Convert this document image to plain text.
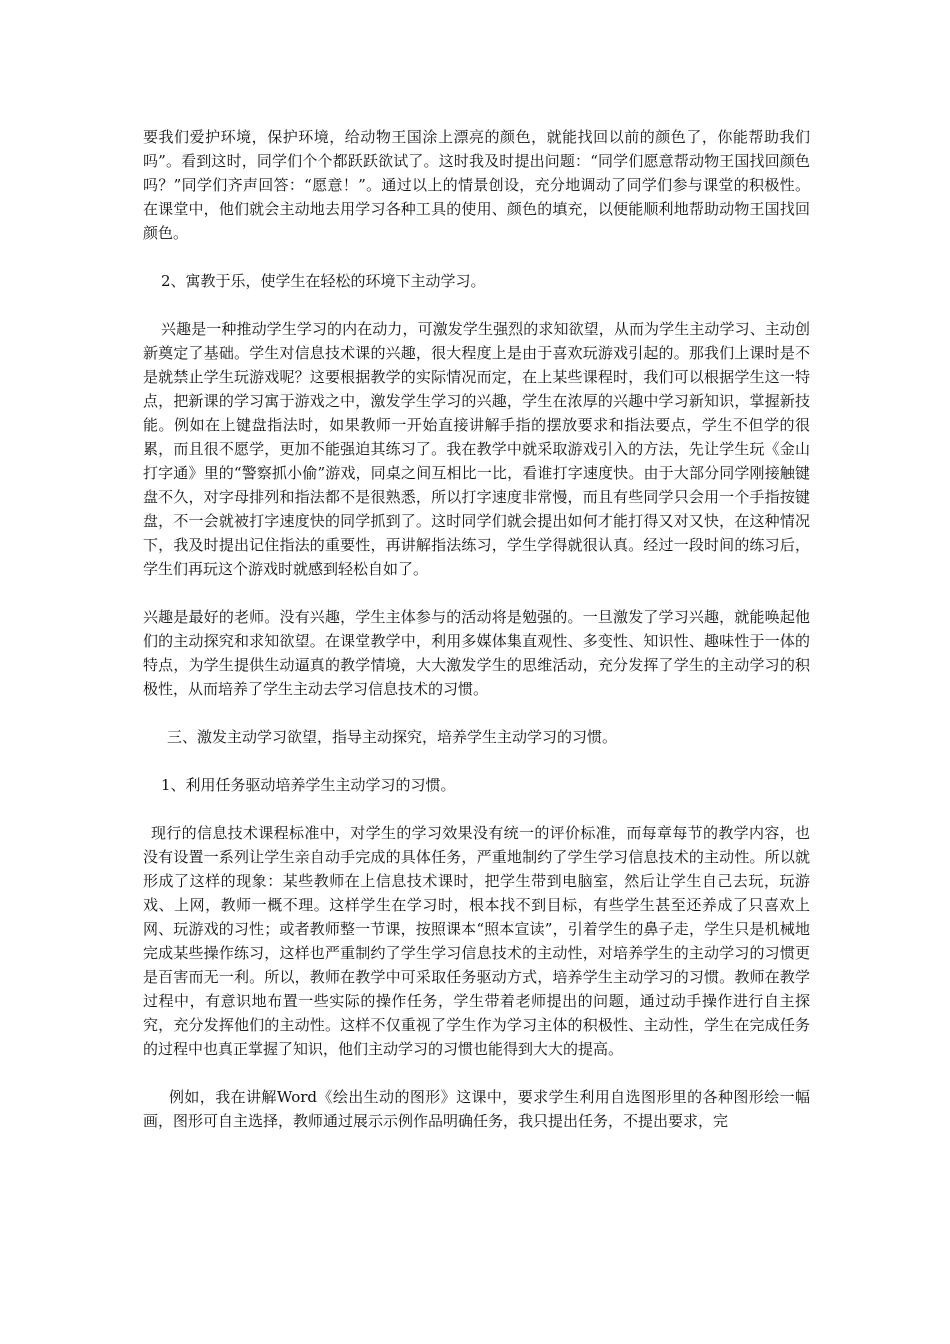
要我们爱护环境，保护环境，给动物王国涂上漂亮的颜色，就能找回以前的颜色了，你能帮助我们吗”。看到这时，同学们个个都跃跃欲试了。这时我及时提出问题：“同学们愿意帮动物王国找回颜色吗？”同学们齐声回答：“愿意！”。通过以上的情景创设，充分地调动了同学们参与课堂的积极性。在课堂中，他们就会主动地去用学习各种工具的使用、颜色的填充，以便能顺利地帮助动物王国找回颜色。

2、寓教于乐，使学生在轻松的环境下主动学习。

兴趣是一种推动学生学习的内在动力，可激发学生强烈的求知欲望，从而为学生主动学习、主动创新奠定了基础。学生对信息技术课的兴趣，很大程度上是由于喜欢玩游戏引起的。那我们上课时是不是就禁止学生玩游戏呢？这要根据教学的实际情况而定，在上某些课程时，我们可以根据学生这一特点，把新课的学习寓于游戏之中，激发学生学习的兴趣，学生在浓厚的兴趣中学习新知识，掌握新技能。例如在上键盘指法时，如果教师一开始直接讲解手指的摆放要求和指法要点，学生不但学的很累，而且很不愿学，更加不能强迫其练习了。我在教学中就采取游戏引入的方法，先让学生玩《金山打字通》里的“警察抓小偷”游戏，同桌之间互相比一比，看谁打字速度快。由于大部分同学刚接触键盘不久，对字母排列和指法都不是很熟悉，所以打字速度非常慢，而且有些同学只会用一个手指按键盘，不一会就被打字速度快的同学抓到了。这时同学们就会提出如何才能打得又对又快，在这种情况下，我及时提出记住指法的重要性，再讲解指法练习，学生学得就很认真。经过一段时间的练习后，学生们再玩这个游戏时就感到轻松自如了。

兴趣是最好的老师。没有兴趣，学生主体参与的活动将是勉强的。一旦激发了学习兴趣，就能唤起他们的主动探究和求知欲望。在课堂教学中，利用多媒体集直观性、多变性、知识性、趣味性于一体的特点，为学生提供生动逼真的教学情境，大大激发学生的思维活动，充分发挥了学生的主动学习的积极性，从而培养了学生主动去学习信息技术的习惯。

三、激发主动学习欲望，指导主动探究，培养学生主动学习的习惯。

1、利用任务驱动培养学生主动学习的习惯。

现行的信息技术课程标准中，对学生的学习效果没有统一的评价标准，而每章每节的教学内容，也没有设置一系列让学生亲自动手完成的具体任务，严重地制约了学生学习信息技术的主动性。所以就形成了这样的现象：某些教师在上信息技术课时，把学生带到电脑室，然后让学生自己去玩，玩游戏、上网，教师一概不理。这样学生在学习时，根本找不到目标，有些学生甚至还养成了只喜欢上网、玩游戏的习性；或者教师整一节课，按照课本“照本宣读”，引着学生的鼻子走，学生只是机械地完成某些操作练习，这样也严重制约了学生学习信息技术的主动性，对培养学生的主动学习的习惯更是百害而无一利。所以，教师在教学中可采取任务驱动方式，培养学生主动学习的习惯。教师在教学过程中，有意识地布置一些实际的操作任务，学生带着老师提出的问题，通过动手操作进行自主探究，充分发挥他们的主动性。这样不仅重视了学生作为学习主体的积极性、主动性，学生在完成任务的过程中也真正掌握了知识，他们主动学习的习惯也能得到大大的提高。

例如，我在讲解Word《绘出生动的图形》这课中，要求学生利用自选图形里的各种图形绘一幅画，图形可自主选择，教师通过展示示例作品明确任务，我只提出任务，不提出要求，完
